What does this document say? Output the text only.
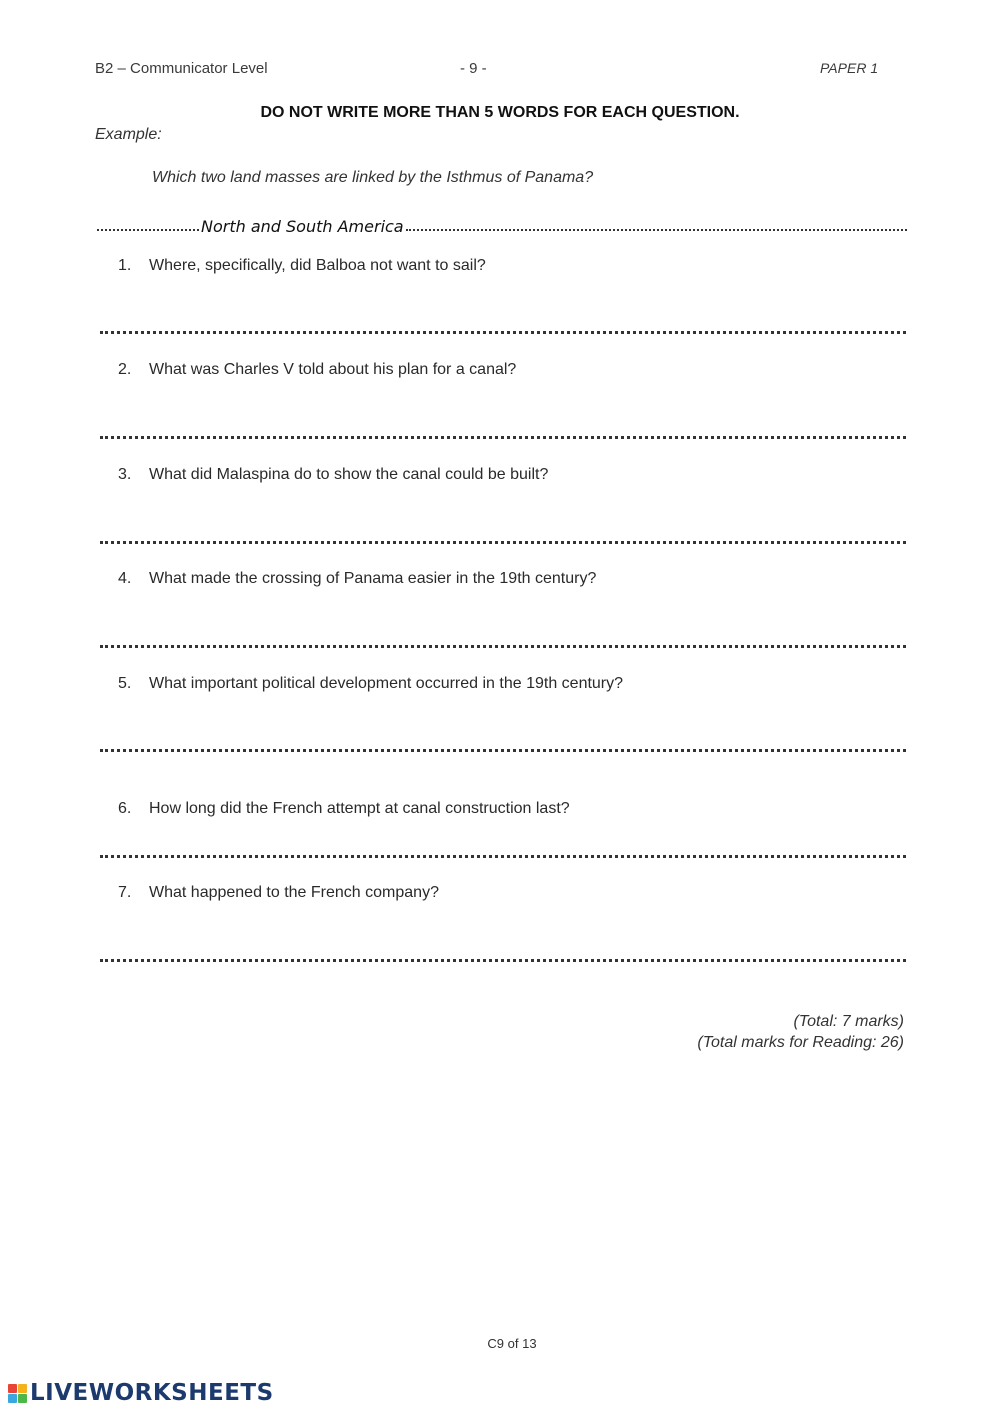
B2 – Communicator Level	- 9 -	PAPER 1
DO NOT WRITE MORE THAN 5 WORDS FOR EACH QUESTION.
Example:
Which two land masses are linked by the Isthmus of Panama?
North and South America
1. Where, specifically, did Balboa not want to sail?
2. What was Charles V told about his plan for a canal?
3. What did Malaspina do to show the canal could be built?
4. What made the crossing of Panama easier in the 19th century?
5. What important political development occurred in the 19th century?
6. How long did the French attempt at canal construction last?
7. What happened to the French company?
(Total: 7 marks)
(Total marks for Reading: 26)
C9 of 13
LIVEWORKSHEETS
